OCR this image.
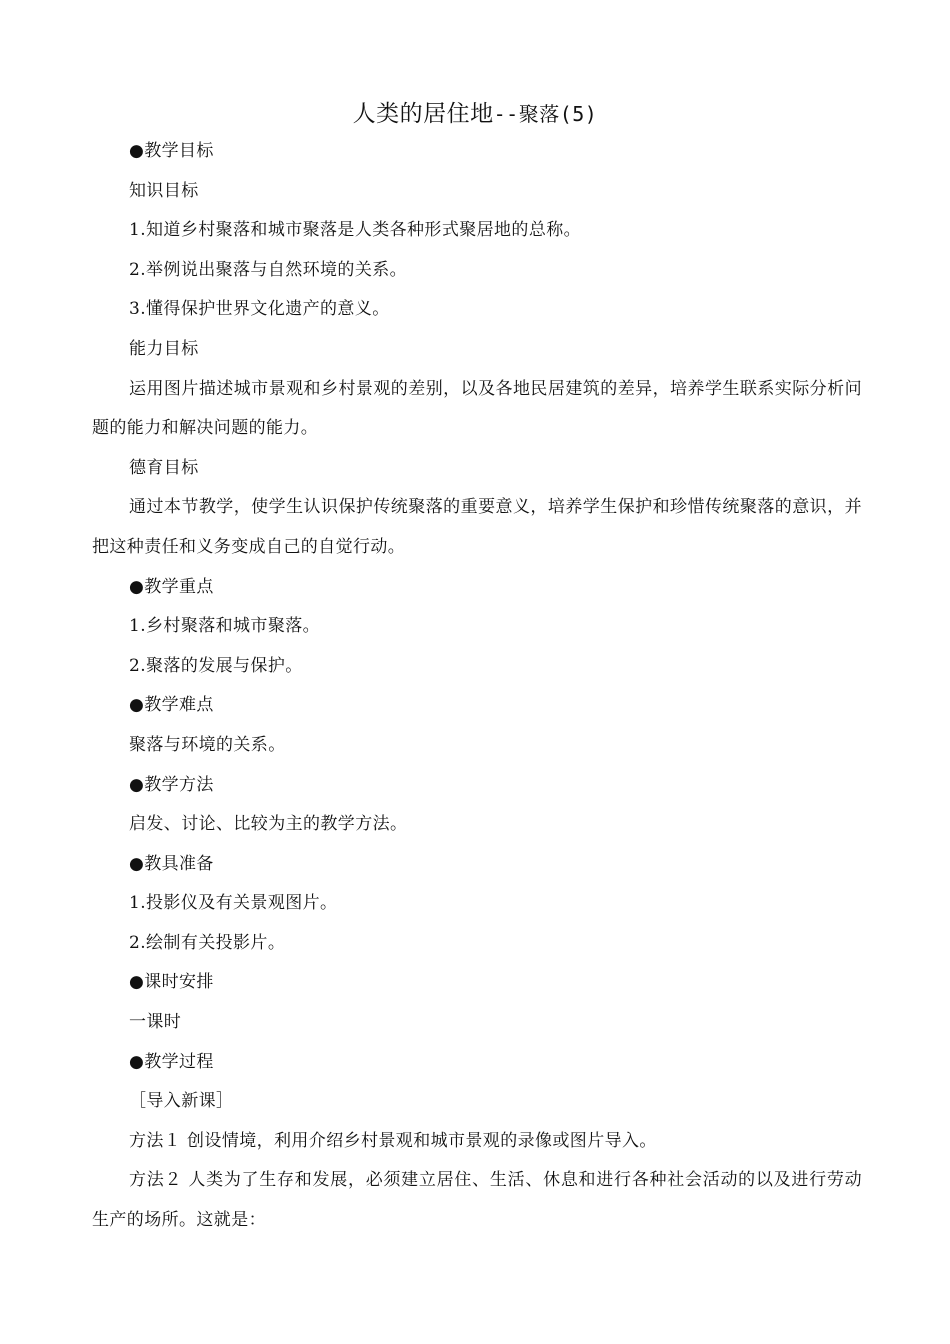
人类的居住地--聚落(5)

●教学目标

知识目标

1.知道乡村聚落和城市聚落是人类各种形式聚居地的总称。

2.举例说出聚落与自然环境的关系。

3.懂得保护世界文化遗产的意义。

能力目标

运用图片描述城市景观和乡村景观的差别，以及各地民居建筑的差异，培养学生联系实际分析问题的能力和解决问题的能力。

德育目标

通过本节教学，使学生认识保护传统聚落的重要意义，培养学生保护和珍惜传统聚落的意识，并把这种责任和义务变成自己的自觉行动。

●教学重点

1.乡村聚落和城市聚落。

2.聚落的发展与保护。

●教学难点

聚落与环境的关系。

●教学方法

启发、讨论、比较为主的教学方法。

●教具准备

1.投影仪及有关景观图片。

2.绘制有关投影片。

●课时安排

一课时

●教学过程

［导入新课］

方法１ 创设情境，利用介绍乡村景观和城市景观的录像或图片导入。

方法２ 人类为了生存和发展，必须建立居住、生活、休息和进行各种社会活动的以及进行劳动生产的场所。这就是：
